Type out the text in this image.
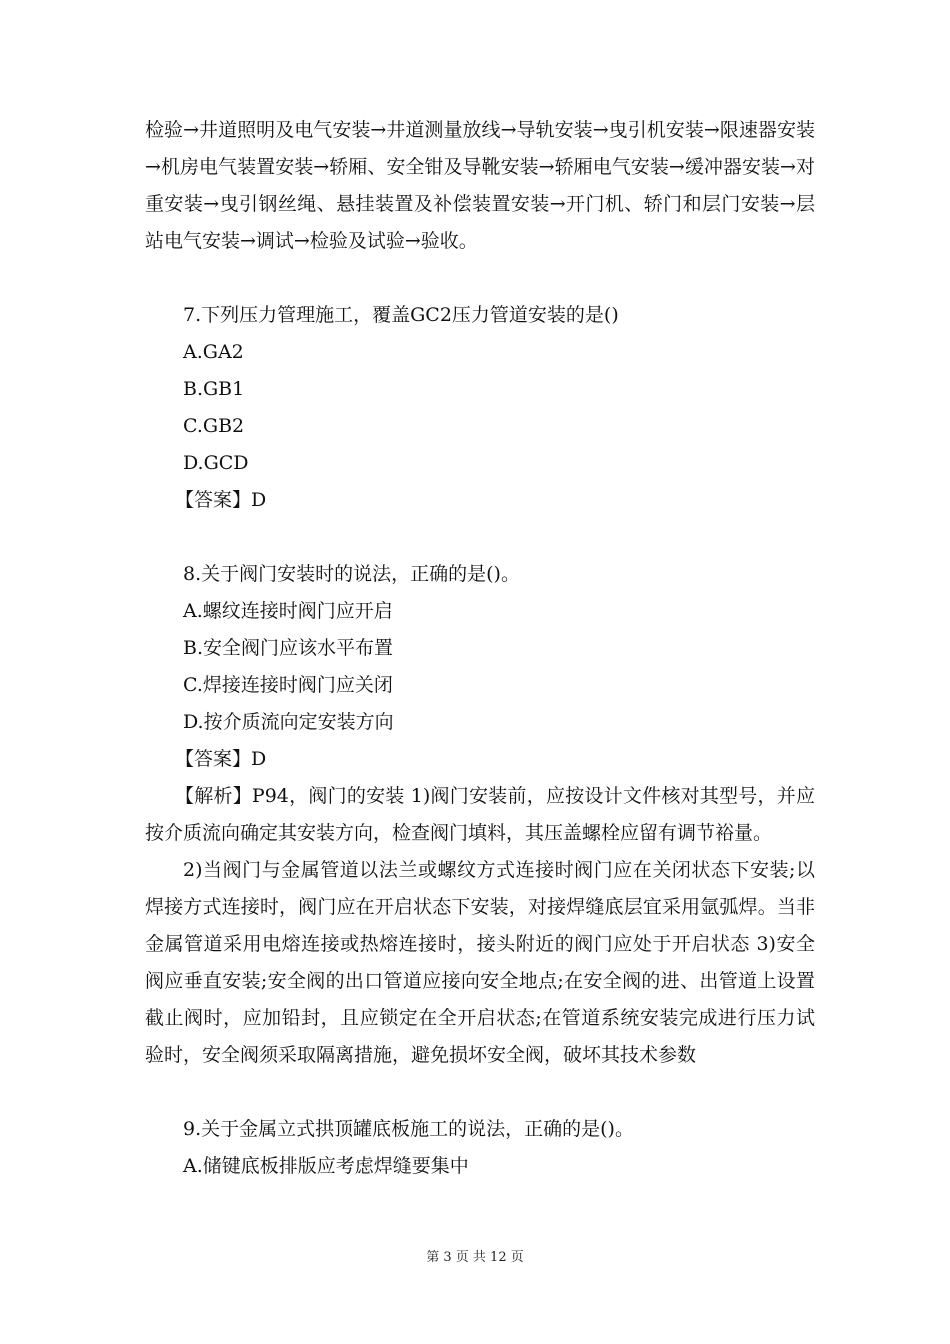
检验→井道照明及电气安装→井道测量放线→导轨安装→曳引机安装→限速器安装→机房电气装置安装→轿厢、安全钳及导靴安装→轿厢电气安装→缓冲器安装→对重安装→曳引钢丝绳、悬挂装置及补偿装置安装→开门机、轿门和层门安装→层站电气安装→调试→检验及试验→验收。

7.下列压力管理施工，覆盖GC2压力管道安装的是()

A.GA2

B.GB1

C.GB2

D.GCD

【答案】D

8.关于阀门安装时的说法，正确的是()。

A.螺纹连接时阀门应开启

B.安全阀门应该水平布置

C.焊接连接时阀门应关闭

D.按介质流向定安装方向

【答案】D

【解析】P94，阀门的安装 1)阀门安装前，应按设计文件核对其型号，并应按介质流向确定其安装方向，检查阀门填料，其压盖螺栓应留有调节裕量。

2)当阀门与金属管道以法兰或螺纹方式连接时阀门应在关闭状态下安装;以焊接方式连接时，阀门应在开启状态下安装，对接焊缝底层宜采用氩弧焊。当非金属管道采用电熔连接或热熔连接时，接头附近的阀门应处于开启状态 3)安全阀应垂直安装;安全阀的出口管道应接向安全地点;在安全阀的进、出管道上设置截止阀时，应加铅封，且应锁定在全开启状态;在管道系统安装完成进行压力试验时，安全阀须采取隔离措施，避免损坏安全阀，破坏其技术参数

9.关于金属立式拱顶罐底板施工的说法，正确的是()。

A.储键底板排版应考虑焊缝要集中

第 3 页 共 12 页
